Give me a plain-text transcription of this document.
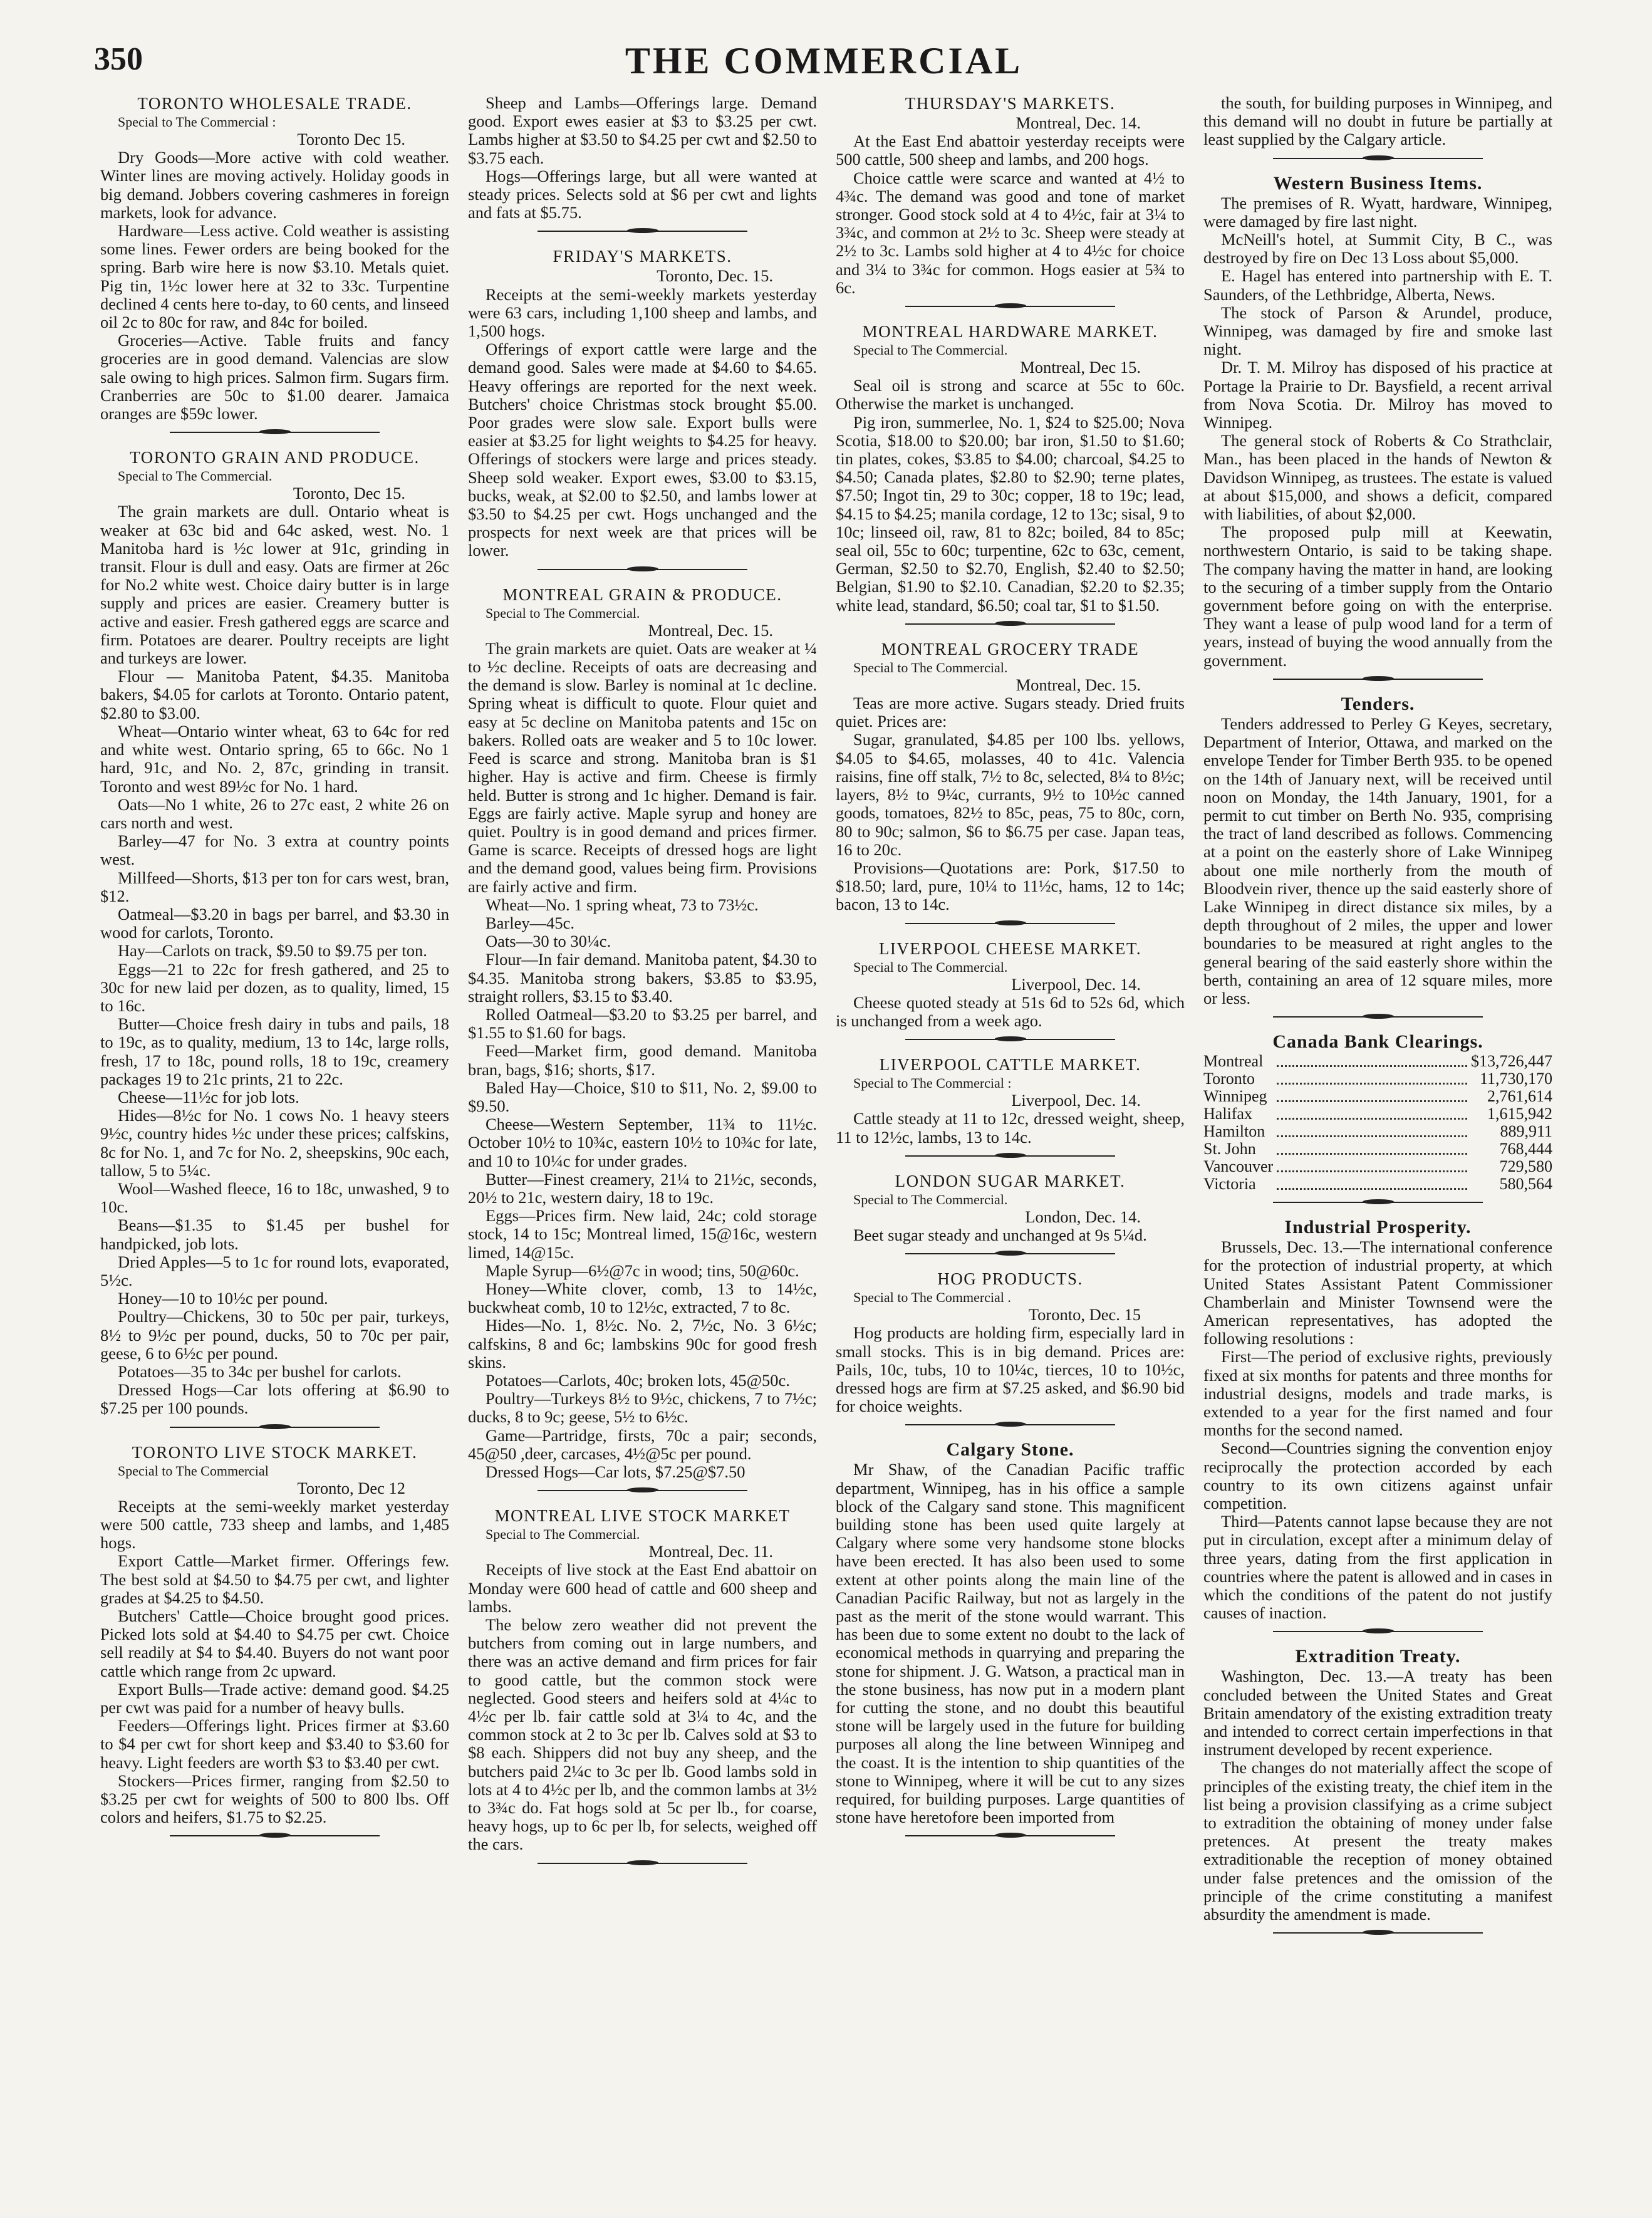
350	THE COMMERCIAL
TORONTO WHOLESALE TRADE.

Special to The Commercial :

Toronto Dec 15.

Dry Goods—More active with cold weather. Winter lines are moving actively. Holiday goods in big demand. Jobbers covering cashmeres in foreign markets, look for advance.

Hardware—Less active. Cold weather is assisting some lines. Fewer orders are being booked for the spring. Barb wire here is now $3.10. Metals quiet. Pig tin, 1½c lower here at 32 to 33c. Turpentine declined 4 cents here to-day, to 60 cents, and linseed oil 2c to 80c for raw, and 84c for boiled.

Groceries—Active. Table fruits and fancy groceries are in good demand. Valencias are slow sale owing to high prices. Salmon firm. Sugars firm. Cranberries are 50c to $1.00 dearer. Jamaica oranges are $59c lower.

TORONTO GRAIN AND PRODUCE.

Special to The Commercial.

Toronto, Dec 15.

The grain markets are dull. Ontario wheat is weaker at 63c bid and 64c asked, west. No. 1 Manitoba hard is ½c lower at 91c, grinding in transit. Flour is dull and easy. Oats are firmer at 26c for No.2 white west. Choice dairy butter is in large supply and prices are easier. Creamery butter is active and easier. Fresh gathered eggs are scarce and firm. Potatoes are dearer. Poultry receipts are light and turkeys are lower.

Flour — Manitoba Patent, $4.35. Manitoba bakers, $4.05 for carlots at Toronto. Ontario patent, $2.80 to $3.00.

Wheat—Ontario winter wheat, 63 to 64c for red and white west. Ontario spring, 65 to 66c. No 1 hard, 91c, and No. 2, 87c, grinding in transit. Toronto and west 89½c for No. 1 hard.

Oats—No 1 white, 26 to 27c east, 2 white 26 on cars north and west.

Barley—47 for No. 3 extra at country points west.

Millfeed—Shorts, $13 per ton for cars west, bran, $12.

Oatmeal—$3.20 in bags per barrel, and $3.30 in wood for carlots, Toronto.

Hay—Carlots on track, $9.50 to $9.75 per ton.

Eggs—21 to 22c for fresh gathered, and 25 to 30c for new laid per dozen, as to quality, limed, 15 to 16c.

Butter—Choice fresh dairy in tubs and pails, 18 to 19c, as to quality, medium, 13 to 14c, large rolls, fresh, 17 to 18c, pound rolls, 18 to 19c, creamery packages 19 to 21c prints, 21 to 22c.

Cheese—11½c for job lots.

Hides—8½c for No. 1 cows No. 1 heavy steers 9½c, country hides ½c under these prices; calfskins, 8c for No. 1, and 7c for No. 2, sheepskins, 90c each, tallow, 5 to 5¼c.

Wool—Washed fleece, 16 to 18c, unwashed, 9 to 10c.

Beans—$1.35 to $1.45 per bushel for handpicked, job lots.

Dried Apples—5 to 1c for round lots, evaporated, 5½c.

Honey—10 to 10½c per pound.

Poultry—Chickens, 30 to 50c per pair, turkeys, 8½ to 9½c per pound, ducks, 50 to 70c per pair, geese, 6 to 6½c per pound.

Potatoes—35 to 34c per bushel for carlots.

Dressed Hogs—Car lots offering at $6.90 to $7.25 per 100 pounds.

TORONTO LIVE STOCK MARKET.

Special to The Commercial

Toronto, Dec 12

Receipts at the semi-weekly market yesterday were 500 cattle, 733 sheep and lambs, and 1,485 hogs.

Export Cattle—Market firmer. Offerings few. The best sold at $4.50 to $4.75 per cwt, and lighter grades at $4.25 to $4.50.

Butchers' Cattle—Choice brought good prices. Picked lots sold at $4.40 to $4.75 per cwt. Choice sell readily at $4 to $4.40. Buyers do not want poor cattle which range from 2c upward.

Export Bulls—Trade active: demand good. $4.25 per cwt was paid for a number of heavy bulls.

Feeders—Offerings light. Prices firmer at $3.60 to $4 per cwt for short keep and $3.40 to $3.60 for heavy. Light feeders are worth $3 to $3.40 per cwt.

Stockers—Prices firmer, ranging from $2.50 to $3.25 per cwt for weights of 500 to 800 lbs. Off colors and heifers, $1.75 to $2.25.

Sheep and Lambs—Offerings large. Demand good. Export ewes easier at $3 to $3.25 per cwt. Lambs higher at $3.50 to $4.25 per cwt and $2.50 to $3.75 each.

Hogs—Offerings large, but all were wanted at steady prices. Selects sold at $6 per cwt and lights and fats at $5.75.

FRIDAY'S MARKETS.

Toronto, Dec. 15.

Receipts at the semi-weekly markets yesterday were 63 cars, including 1,100 sheep and lambs, and 1,500 hogs.

Offerings of export cattle were large and the demand good. Sales were made at $4.60 to $4.65. Heavy offerings are reported for the next week. Butchers' choice Christmas stock brought $5.00. Poor grades were slow sale. Export bulls were easier at $3.25 for light weights to $4.25 for heavy. Offerings of stockers were large and prices steady. Sheep sold weaker. Export ewes, $3.00 to $3.15, bucks, weak, at $2.00 to $2.50, and lambs lower at $3.50 to $4.25 per cwt. Hogs unchanged and the prospects for next week are that prices will be lower.

MONTREAL GRAIN & PRODUCE.

Special to The Commercial.

Montreal, Dec. 15.

The grain markets are quiet. Oats are weaker at ¼ to ½c decline. Receipts of oats are decreasing and the demand is slow. Barley is nominal at 1c decline. Spring wheat is difficult to quote. Flour quiet and easy at 5c decline on Manitoba patents and 15c on bakers. Rolled oats are weaker and 5 to 10c lower. Feed is scarce and strong. Manitoba bran is $1 higher. Hay is active and firm. Cheese is firmly held. Butter is strong and 1c higher. Demand is fair. Eggs are fairly active. Maple syrup and honey are quiet. Poultry is in good demand and prices firmer. Game is scarce. Receipts of dressed hogs are light and the demand good, values being firm. Provisions are fairly active and firm.

Wheat—No. 1 spring wheat, 73 to 73½c.

Barley—45c.

Oats—30 to 30¼c.

Flour—In fair demand. Manitoba patent, $4.30 to $4.35. Manitoba strong bakers, $3.85 to $3.95, straight rollers, $3.15 to $3.40.

Rolled Oatmeal—$3.20 to $3.25 per barrel, and $1.55 to $1.60 for bags.

Feed—Market firm, good demand. Manitoba bran, bags, $16; shorts, $17.

Baled Hay—Choice, $10 to $11, No. 2, $9.00 to $9.50.

Cheese—Western September, 11¾ to 11½c. October 10½ to 10¾c, eastern 10½ to 10¾c for late, and 10 to 10¼c for under grades.

Butter—Finest creamery, 21¼ to 21½c, seconds, 20½ to 21c, western dairy, 18 to 19c.

Eggs—Prices firm. New laid, 24c; cold storage stock, 14 to 15c; Montreal limed, 15@16c, western limed, 14@15c.

Maple Syrup—6½@7c in wood; tins, 50@60c.

Honey—White clover, comb, 13 to 14½c, buckwheat comb, 10 to 12½c, extracted, 7 to 8c.

Hides—No. 1, 8½c. No. 2, 7½c, No. 3 6½c; calfskins, 8 and 6c; lambskins 90c for good fresh skins.

Potatoes—Carlots, 40c; broken lots, 45@50c.

Poultry—Turkeys 8½ to 9½c, chickens, 7 to 7½c; ducks, 8 to 9c; geese, 5½ to 6½c.

Game—Partridge, firsts, 70c a pair; seconds, 45@50 ,deer, carcases, 4½@5c per pound.

Dressed Hogs—Car lots, $7.25@$7.50

MONTREAL LIVE STOCK MARKET

Special to The Commercial.

Montreal, Dec. 11.

Receipts of live stock at the East End abattoir on Monday were 600 head of cattle and 600 sheep and lambs.

The below zero weather did not prevent the butchers from coming out in large numbers, and there was an active demand and firm prices for fair to good cattle, but the common stock were neglected. Good steers and heifers sold at 4¼c to 4½c per lb. fair cattle sold at 3¼ to 4c, and the common stock at 2 to 3c per lb. Calves sold at $3 to $8 each. Shippers did not buy any sheep, and the butchers paid 2¼c to 3c per lb. Good lambs sold in lots at 4 to 4½c per lb, and the common lambs at 3½ to 3¾c do. Fat hogs sold at 5c per lb., for coarse, heavy hogs, up to 6c per lb, for selects, weighed off the cars.

THURSDAY'S MARKETS.

Montreal, Dec. 14.

At the East End abattoir yesterday receipts were 500 cattle, 500 sheep and lambs, and 200 hogs.

Choice cattle were scarce and wanted at 4½ to 4¾c. The demand was good and tone of market stronger. Good stock sold at 4 to 4½c, fair at 3¼ to 3¾c, and common at 2½ to 3c. Sheep were steady at 2½ to 3c. Lambs sold higher at 4 to 4½c for choice and 3¼ to 3¾c for common. Hogs easier at 5¾ to 6c.

MONTREAL HARDWARE MARKET.

Special to The Commercial.

Montreal, Dec 15.

Seal oil is strong and scarce at 55c to 60c. Otherwise the market is unchanged.

Pig iron, summerlee, No. 1, $24 to $25.00; Nova Scotia, $18.00 to $20.00; bar iron, $1.50 to $1.60; tin plates, cokes, $3.85 to $4.00; charcoal, $4.25 to $4.50; Canada plates, $2.80 to $2.90; terne plates, $7.50; Ingot tin, 29 to 30c; copper, 18 to 19c; lead, $4.15 to $4.25; manila cordage, 12 to 13c; sisal, 9 to 10c; linseed oil, raw, 81 to 82c; boiled, 84 to 85c; seal oil, 55c to 60c; turpentine, 62c to 63c, cement, German, $2.50 to $2.70, English, $2.40 to $2.50; Belgian, $1.90 to $2.10. Canadian, $2.20 to $2.35; white lead, standard, $6.50; coal tar, $1 to $1.50.

MONTREAL GROCERY TRADE

Special to The Commercial.

Montreal, Dec. 15.

Teas are more active. Sugars steady. Dried fruits quiet. Prices are:

Sugar, granulated, $4.85 per 100 lbs. yellows, $4.05 to $4.65, molasses, 40 to 41c. Valencia raisins, fine off stalk, 7½ to 8c, selected, 8¼ to 8½c; layers, 8½ to 9¼c, currants, 9½ to 10½c canned goods, tomatoes, 82½ to 85c, peas, 75 to 80c, corn, 80 to 90c; salmon, $6 to $6.75 per case. Japan teas, 16 to 20c.

Provisions—Quotations are: Pork, $17.50 to $18.50; lard, pure, 10¼ to 11½c, hams, 12 to 14c; bacon, 13 to 14c.

LIVERPOOL CHEESE MARKET.

Special to The Commercial.

Liverpool, Dec. 14.

Cheese quoted steady at 51s 6d to 52s 6d, which is unchanged from a week ago.

LIVERPOOL CATTLE MARKET.

Special to The Commercial :

Liverpool, Dec. 14.

Cattle steady at 11 to 12c, dressed weight, sheep, 11 to 12½c, lambs, 13 to 14c.

LONDON SUGAR MARKET.

Special to The Commercial.

London, Dec. 14.

Beet sugar steady and unchanged at 9s 5¼d.

HOG PRODUCTS.

Special to The Commercial .

Toronto, Dec. 15

Hog products are holding firm, especially lard in small stocks. This is in big demand. Prices are: Pails, 10c, tubs, 10 to 10¼c, tierces, 10 to 10½c, dressed hogs are firm at $7.25 asked, and $6.90 bid for choice weights.

Calgary Stone.

Mr Shaw, of the Canadian Pacific traffic department, Winnipeg, has in his office a sample block of the Calgary sand stone. This magnificent building stone has been used quite largely at Calgary where some very handsome stone blocks have been erected. It has also been used to some extent at other points along the main line of the Canadian Pacific Railway, but not as largely in the past as the merit of the stone would warrant. This has been due to some extent no doubt to the lack of economical methods in quarrying and preparing the stone for shipment. J. G. Watson, a practical man in the stone business, has now put in a modern plant for cutting the stone, and no doubt this beautiful stone will be largely used in the future for building purposes all along the line between Winnipeg and the coast. It is the intention to ship quantities of the stone to Winnipeg, where it will be cut to any sizes required, for building purposes. Large quantities of stone have heretofore been imported from

the south, for building purposes in Winnipeg, and this demand will no doubt in future be partially at least supplied by the Calgary article.

Western Business Items.

The premises of R. Wyatt, hardware, Winnipeg, were damaged by fire last night.

McNeill's hotel, at Summit City, B C., was destroyed by fire on Dec 13 Loss about $5,000.

E. Hagel has entered into partnership with E. T. Saunders, of the Lethbridge, Alberta, News.

The stock of Parson & Arundel, produce, Winnipeg, was damaged by fire and smoke last night.

Dr. T. M. Milroy has disposed of his practice at Portage la Prairie to Dr. Baysfield, a recent arrival from Nova Scotia. Dr. Milroy has moved to Winnipeg.

The general stock of Roberts & Co Strathclair, Man., has been placed in the hands of Newton & Davidson Winnipeg, as trustees. The estate is valued at about $15,000, and shows a deficit, compared with liabilities, of about $2,000.

The proposed pulp mill at Keewatin, northwestern Ontario, is said to be taking shape. The company having the matter in hand, are looking to the securing of a timber supply from the Ontario government before going on with the enterprise. They want a lease of pulp wood land for a term of years, instead of buying the wood annually from the government.

Tenders.

Tenders addressed to Perley G Keyes, secretary, Department of Interior, Ottawa, and marked on the envelope Tender for Timber Berth 935. to be opened on the 14th of January next, will be received until noon on Monday, the 14th January, 1901, for a permit to cut timber on Berth No. 935, comprising the tract of land described as follows. Commencing at a point on the easterly shore of Lake Winnipeg about one mile northerly from the mouth of Bloodvein river, thence up the said easterly shore of Lake Winnipeg in direct distance six miles, by a depth throughout of 2 miles, the upper and lower boundaries to be measured at right angles to the general bearing of the said easterly shore within the berth, containing an area of 12 square miles, more or less.

Canada Bank Clearings.
Montreal		$13,726,447
Toronto		11,730,170
Winnipeg		2,761,614
Halifax		1,615,942
Hamilton		889,911
St. John		768,444
Vancouver		729,580
Victoria		580,564
Industrial Prosperity.

Brussels, Dec. 13.—The international conference for the protection of industrial property, at which United States Assistant Patent Commissioner Chamberlain and Minister Townsend were the American representatives, has adopted the following resolutions :

First—The period of exclusive rights, previously fixed at six months for patents and three months for industrial designs, models and trade marks, is extended to a year for the first named and four months for the second named.

Second—Countries signing the convention enjoy reciprocally the protection accorded by each country to its own citizens against unfair competition.

Third—Patents cannot lapse because they are not put in circulation, except after a minimum delay of three years, dating from the first application in countries where the patent is allowed and in cases in which the conditions of the patent do not justify causes of inaction.

Extradition Treaty.

Washington, Dec. 13.—A treaty has been concluded between the United States and Great Britain amendatory of the existing extradition treaty and intended to correct certain imperfections in that instrument developed by recent experience.

The changes do not materially affect the scope of principles of the existing treaty, the chief item in the list being a provision classifying as a crime subject to extradition the obtaining of money under false pretences. At present the treaty makes extraditionable the reception of money obtained under false pretences and the omission of the principle of the crime constituting a manifest absurdity the amendment is made.
